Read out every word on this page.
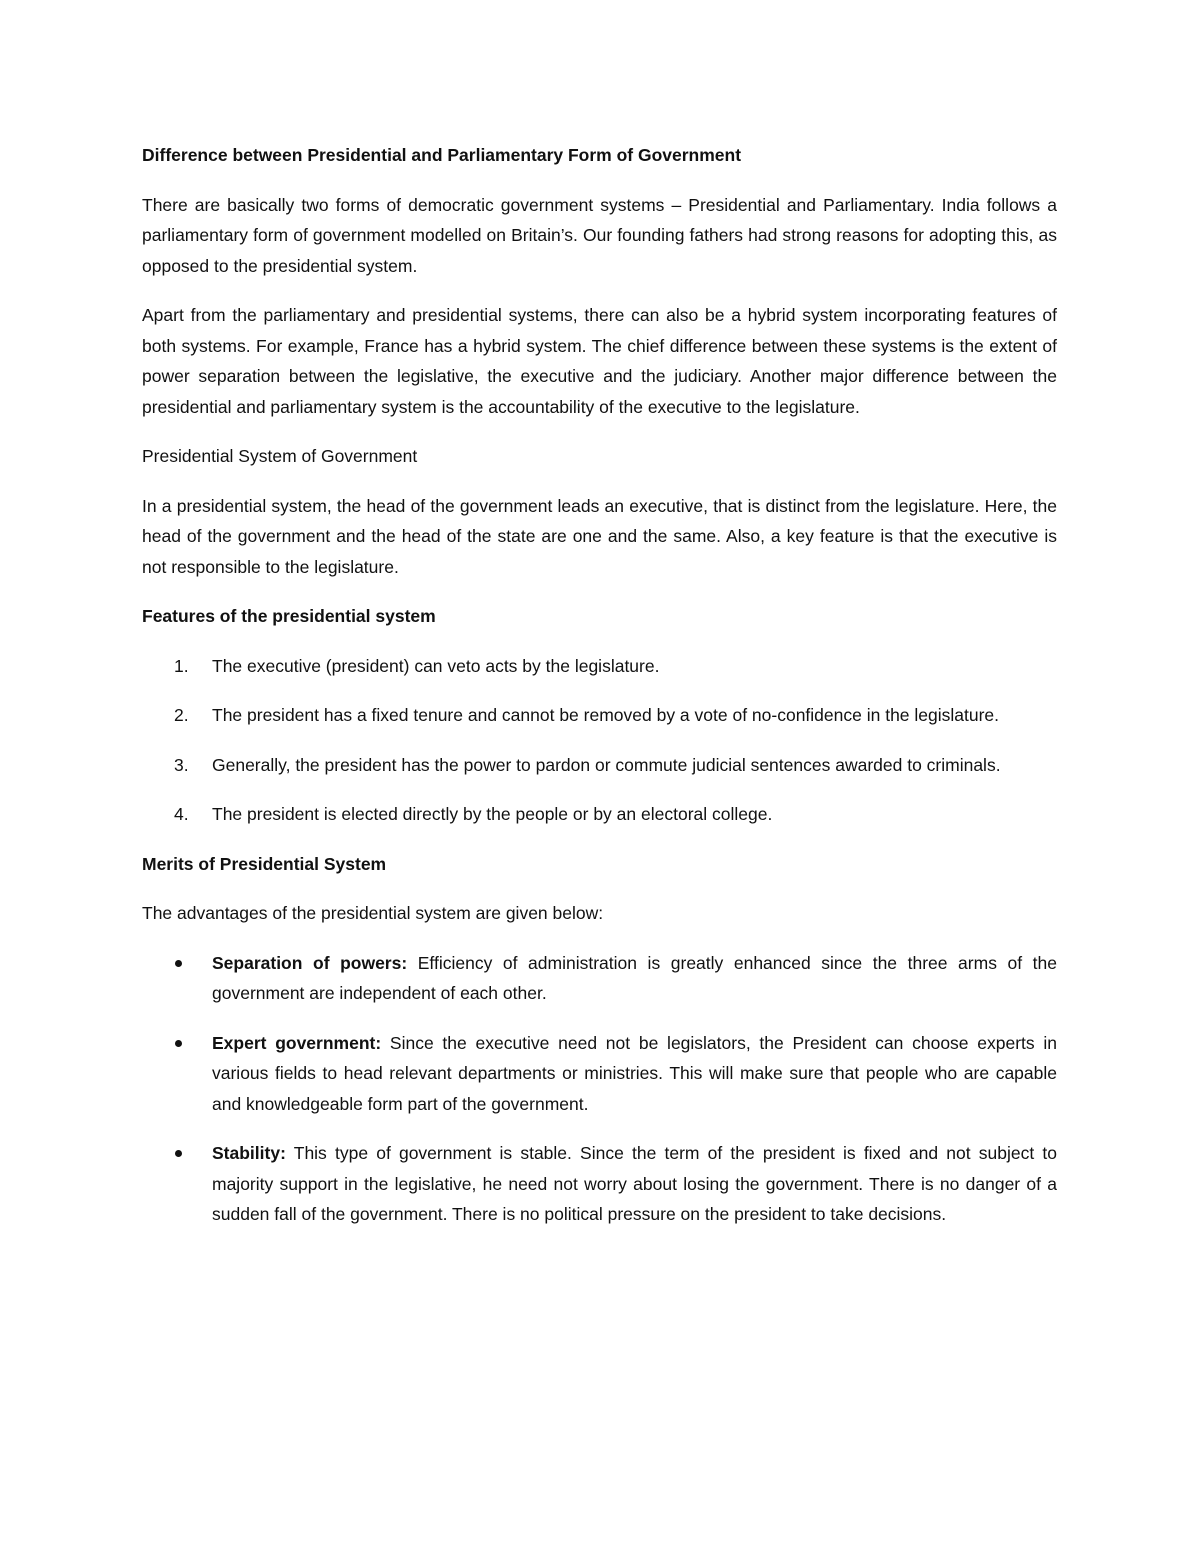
Difference between Presidential and Parliamentary Form of Government

There are basically two forms of democratic government systems – Presidential and Parliamentary. India follows a parliamentary form of government modelled on Britain’s. Our founding fathers had strong reasons for adopting this, as opposed to the presidential system.

Apart from the parliamentary and presidential systems, there can also be a hybrid system incorporating features of both systems. For example, France has a hybrid system. The chief difference between these systems is the extent of power separation between the legislative, the executive and the judiciary. Another major difference between the presidential and parliamentary system is the accountability of the executive to the legislature.

Presidential System of Government

In a presidential system, the head of the government leads an executive, that is distinct from the legislature. Here, the head of the government and the head of the state are one and the same. Also, a key feature is that the executive is not responsible to the legislature.

Features of the presidential system

1. The executive (president) can veto acts by the legislature.
2. The president has a fixed tenure and cannot be removed by a vote of no-confidence in the legislature.
3. Generally, the president has the power to pardon or commute judicial sentences awarded to criminals.
4. The president is elected directly by the people or by an electoral college.

Merits of Presidential System

The advantages of the presidential system are given below:

Separation of powers: Efficiency of administration is greatly enhanced since the three arms of the government are independent of each other.
Expert government: Since the executive need not be legislators, the President can choose experts in various fields to head relevant departments or ministries. This will make sure that people who are capable and knowledgeable form part of the government.
Stability: This type of government is stable. Since the term of the president is fixed and not subject to majority support in the legislative, he need not worry about losing the government. There is no danger of a sudden fall of the government. There is no political pressure on the president to take decisions.
